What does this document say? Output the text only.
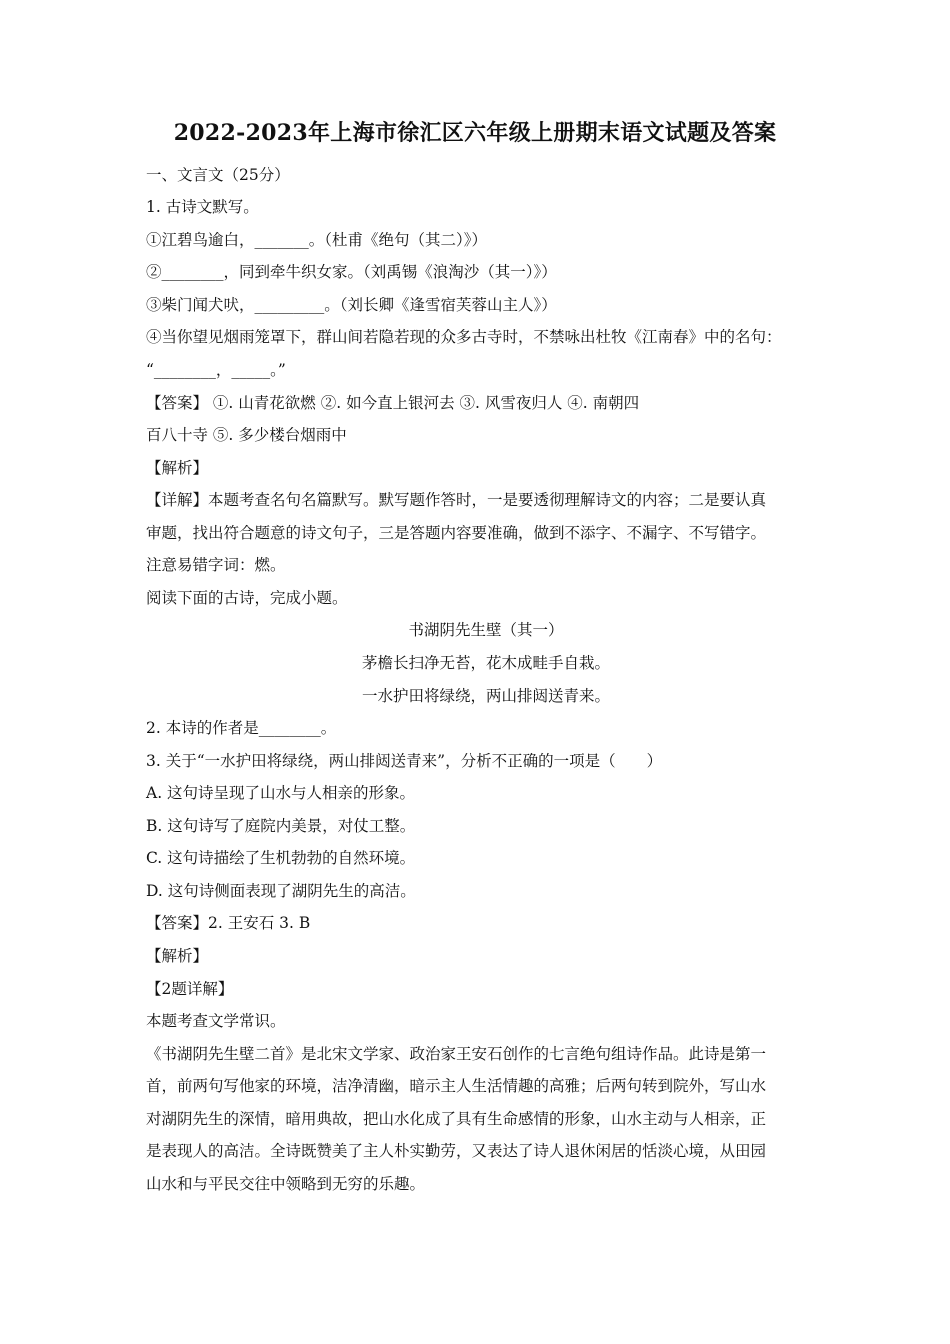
2022-2023年上海市徐汇区六年级上册期末语文试题及答案
一、文言文（25分）
1. 古诗文默写。
①江碧鸟逾白，_______。（杜甫《绝句（其二）》）
②________，同到牵牛织女家。（刘禹锡《浪淘沙（其一）》）
③柴门闻犬吠，_________。（刘长卿《逢雪宿芙蓉山主人》）
④当你望见烟雨笼罩下，群山间若隐若现的众多古寺时，不禁咏出杜牧《江南春》中的名句：
“________，_____。”
【答案】 ①. 山青花欲燃 ②. 如今直上银河去 ③. 风雪夜归人 ④. 南朝四
百八十寺 ⑤. 多少楼台烟雨中
【解析】
【详解】本题考查名句名篇默写。默写题作答时，一是要透彻理解诗文的内容；二是要认真
审题，找出符合题意的诗文句子，三是答题内容要准确，做到不添字、不漏字、不写错字。
注意易错字词：燃。
阅读下面的古诗，完成小题。
书湖阴先生壁（其一）
茅檐长扫净无苔，花木成畦手自栽。
一水护田将绿绕，两山排闼送青来。
2. 本诗的作者是________。
3. 关于“一水护田将绿绕，两山排闼送青来”，分析不正确的一项是（　　）
A. 这句诗呈现了山水与人相亲的形象。
B. 这句诗写了庭院内美景，对仗工整。
C. 这句诗描绘了生机勃勃的自然环境。
D. 这句诗侧面表现了湖阴先生的高洁。
【答案】2. 王安石 3. B
【解析】
【2题详解】
本题考查文学常识。
《书湖阴先生壁二首》是北宋文学家、政治家王安石创作的七言绝句组诗作品。此诗是第一
首，前两句写他家的环境，洁净清幽，暗示主人生活情趣的高雅；后两句转到院外，写山水
对湖阴先生的深情，暗用典故，把山水化成了具有生命感情的形象，山水主动与人相亲，正
是表现人的高洁。全诗既赞美了主人朴实勤劳，又表达了诗人退休闲居的恬淡心境，从田园
山水和与平民交往中领略到无穷的乐趣。
